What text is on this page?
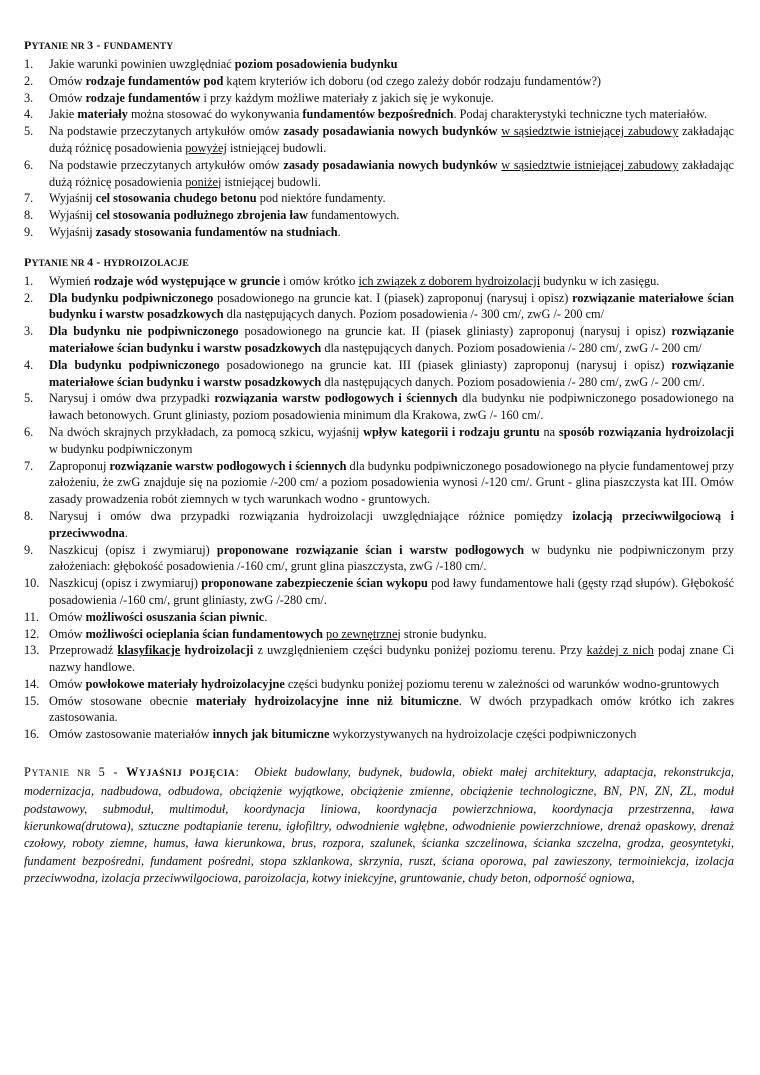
PYTANIE NR 3 - FUNDAMENTY
1. Jakie warunki powinien uwzględniać poziom posadowienia budynku
2. Omów rodzaje fundamentów pod kątem kryteriów ich doboru (od czego zależy dobór rodzaju fundamentów?)
3. Omów rodzaje fundamentów i przy każdym możliwe materiały z jakich się je wykonuje.
4. Jakie materiały można stosować do wykonywania fundamentów bezpośrednich. Podaj charakterystyki techniczne tych materiałów.
5. Na podstawie przeczytanych artykułów omów zasady posadawiania nowych budynków w sąsiedztwie istniejącej zabudowy zakładając dużą różnicę posadowienia powyżej istniejącej budowli.
6. Na podstawie przeczytanych artykułów omów zasady posadawiania nowych budynków w sąsiedztwie istniejącej zabudowy zakładając dużą różnicę posadowienia poniżej istniejącej budowli.
7. Wyjaśnij cel stosowania chudego betonu pod niektóre fundamenty.
8. Wyjaśnij cel stosowania podłużnego zbrojenia ław fundamentowych.
9. Wyjaśnij zasady stosowania fundamentów na studniach.
PYTANIE NR 4 - HYDROIZOLACJE
1. Wymień rodzaje wód występujące w gruncie i omów krótko ich związek z doborem hydroizolacji budynku w ich zasięgu.
2. Dla budynku podpiwniczonego posadowionego na gruncie kat. I (piasek) zaproponuj (narysuj i opisz) rozwiązanie materiałowe ścian budynku i warstw posadzkowych dla następujących danych. Poziom posadowienia /- 300 cm/, zwG /- 200 cm/
3. Dla budynku nie podpiwniczonego posadowionego na gruncie kat. II (piasek gliniasty) zaproponuj (narysuj i opisz) rozwiązanie materiałowe ścian budynku i warstw posadzkowych dla następujących danych. Poziom posadowienia /- 280 cm/, zwG /- 200 cm/
4. Dla budynku podpiwniczonego posadowionego na gruncie kat. III (piasek gliniasty) zaproponuj (narysuj i opisz) rozwiązanie materiałowe ścian budynku i warstw posadzkowych dla następujących danych. Poziom posadowienia /- 280 cm/, zwG /- 200 cm/.
5. Narysuj i omów dwa przypadki rozwiązania warstw podłogowych i ściennych dla budynku nie podpiwniczonego posadowionego na ławach betonowych. Grunt gliniasty, poziom posadowienia minimum dla Krakowa, zwG /- 160 cm/.
6. Na dwóch skrajnych przykładach, za pomocą szkicu, wyjaśnij wpływ kategorii i rodzaju gruntu na sposób rozwiązania hydroizolacji w budynku podpiwniczonym
7. Zaproponuj rozwiązanie warstw podłogowych i ściennych dla budynku podpiwniczonego posadowionego na płycie fundamentowej przy założeniu, że zwG znajduje się na poziomie /-200 cm/ a poziom posadowienia wynosi /-120 cm/. Grunt - glina piaszczysta kat III. Omów zasady prowadzenia robót ziemnych w tych warunkach wodno - gruntowych.
8. Narysuj i omów dwa przypadki rozwiązania hydroizolacji uwzględniające różnice pomiędzy izolacją przeciwwilgociową i przeciwwodna.
9. Naszkicuj (opisz i zwymiaruj) proponowane rozwiązanie ścian i warstw podłogowych w budynku nie podpiwniczonym przy założeniach: głębokość posadowienia /-160 cm/, grunt glina piaszczysta, zwG /-180 cm/.
10. Naszkicuj (opisz i zwymiaruj) proponowane zabezpieczenie ścian wykopu pod ławy fundamentowe hali (gęsty rząd słupów). Głębokość posadowienia /-160 cm/, grunt gliniasty, zwG /-280 cm/.
11. Omów możliwości osuszania ścian piwnic.
12. Omów możliwości ocieplania ścian fundamentowych po zewnętrznej stronie budynku.
13. Przeprowadź klasyfikacje hydroizolacji z uwzględnieniem części budynku poniżej poziomu terenu. Przy każdej z nich podaj znane Ci nazwy handlowe.
14. Omów powłokowe materiały hydroizolacyjne części budynku poniżej poziomu terenu w zależności od warunków wodno-gruntowych
15. Omów stosowane obecnie materiały hydroizolacyjne inne niż bitumiczne. W dwóch przypadkach omów krótko ich zakres zastosowania.
16. Omów zastosowanie materiałów innych jak bitumiczne wykorzystywanych na hydroizolacje części podpiwniczonych

PYTANIE NR 5 - WYJAŚNIJ POJĘCIA: Obiekt budowlany, budynek, budowla, obiekt małej architektury, adaptacja, rekonstrukcja, modernizacja, nadbudowa, odbudowa, obciążenie wyjątkowe, obciążenie zmienne, obciążenie technologiczne, BN, PN, ZN, ZL, moduł podstawowy, submoduł, multimoduł, koordynacja liniowa, koordynacja powierzchniowa, koordynacja przestrzenna, ława kierunkowa(drutowa), sztuczne podtapianie terenu, igłofiltry, odwodnienie wgłębne, odwodnienie powierzchniowe, drenaż opaskowy, drenaż czołowy, roboty ziemne, humus, ława kierunkowa, brus, rozpora, szalunek, ścianka szczelinowa, ścianka szczelna, grodza, geosyntetyki, fundament bezpośredni, fundament pośredni, stopa szklankowa, skrzynia, ruszt, ściana oporowa, pal zawieszony, termoiniekcja, izolacja przeciwwodna, izolacja przeciwwilgociowa, paroizolacja, kotwy iniekcyjne, gruntowanie, chudy beton, odporność ogniowa,
